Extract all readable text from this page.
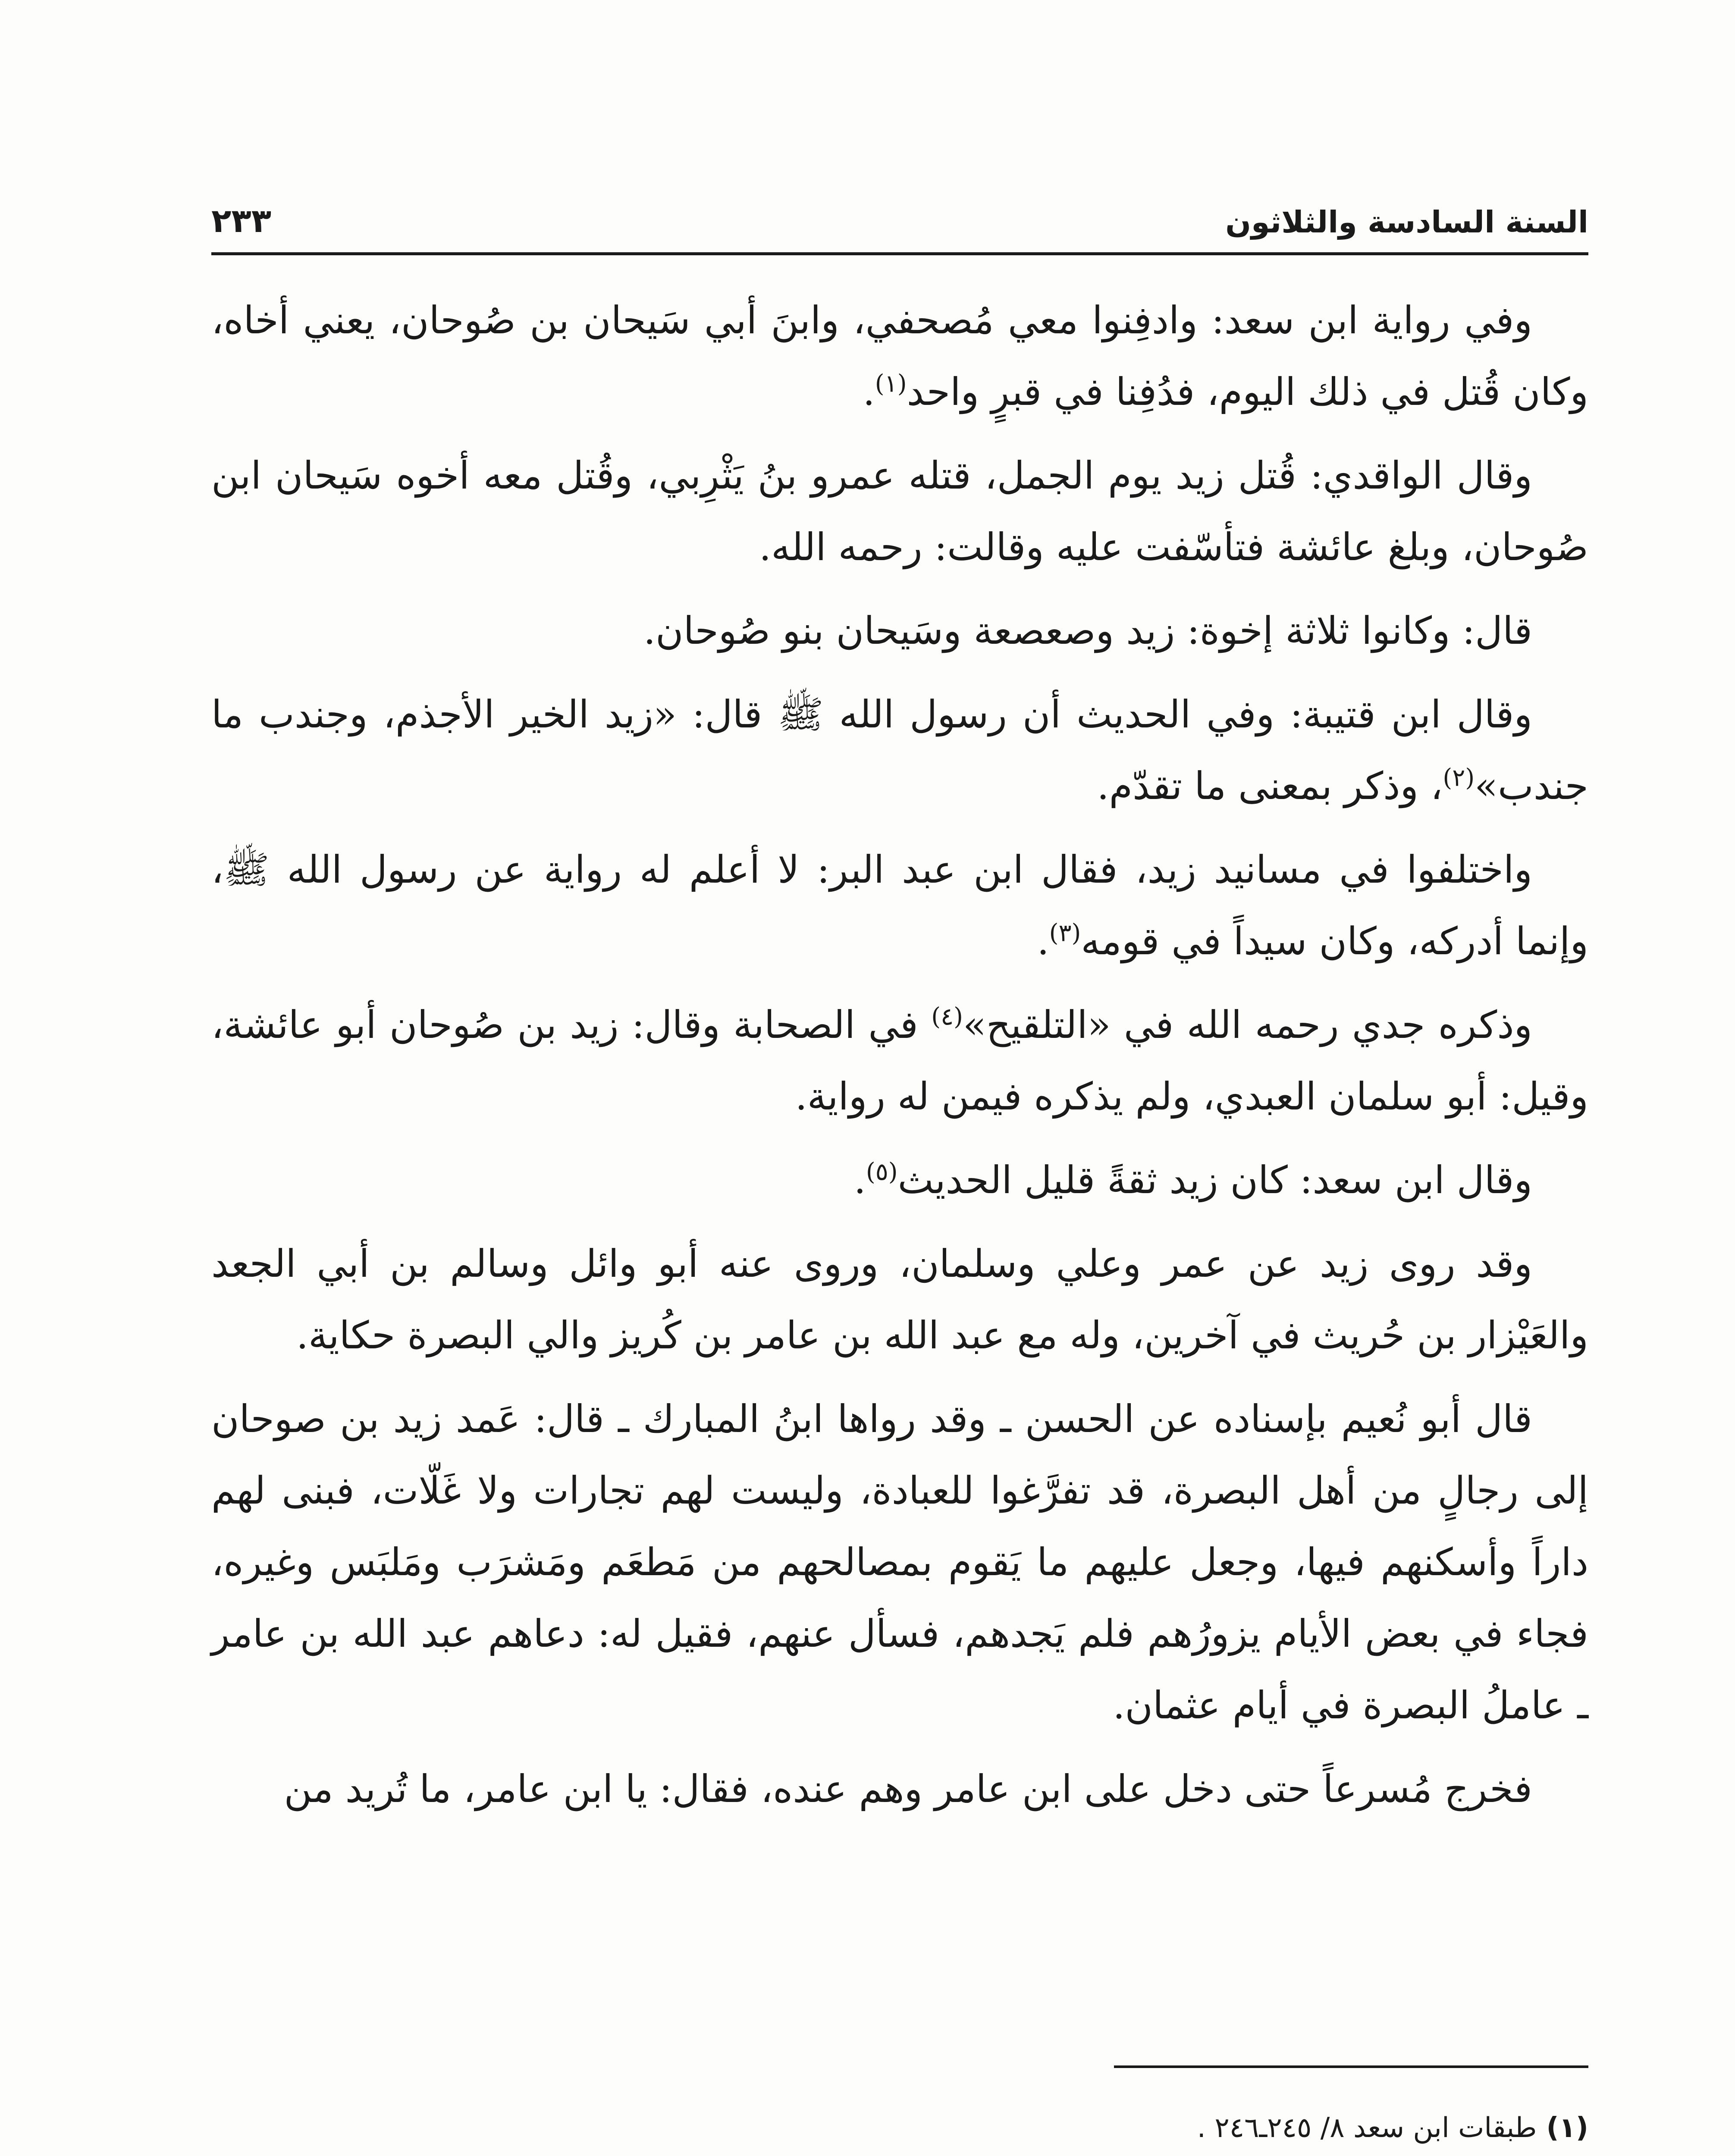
السنة السادسة والثلاثون
٢٣٣

وفي رواية ابن سعد: وادفِنوا معي مُصحفي، وابنَ أبي سَيحان بن صُوحان، يعني أخاه، وكان قُتل في ذلك اليوم، فدُفِنا في قبرٍ واحد$^{(١)}$.

وقال الواقدي: قُتل زيد يوم الجمل، قتله عمرو بنُ يَثْرِبي، وقُتل معه أخوه سَيحان ابن صُوحان، وبلغ عائشة فتأسّفت عليه وقالت: رحمه الله.

قال: وكانوا ثلاثة إخوة: زيد وصعصعة وسَيحان بنو صُوحان.

وقال ابن قتيبة: وفي الحديث أن رسول الله ﷺ قال: «زيد الخير الأجذم، وجندب ما جندب»$^{(٢)}$، وذكر بمعنى ما تقدّم.

واختلفوا في مسانيد زيد، فقال ابن عبد البر: لا أعلم له رواية عن رسول الله ﷺ، وإنما أدركه، وكان سيداً في قومه$^{(٣)}$.

وذكره جدي رحمه الله في «التلقيح»$^{(٤)}$ في الصحابة وقال: زيد بن صُوحان أبو عائشة، وقيل: أبو سلمان العبدي، ولم يذكره فيمن له رواية.

وقال ابن سعد: كان زيد ثقةً قليل الحديث$^{(٥)}$.

وقد روى زيد عن عمر وعلي وسلمان، وروى عنه أبو وائل وسالم بن أبي الجعد والعَيْزار بن حُريث في آخرين، وله مع عبد الله بن عامر بن كُريز والي البصرة حكاية.

قال أبو نُعيم بإسناده عن الحسن ـ وقد رواها ابنُ المبارك ـ قال: عَمد زيد بن صوحان إلى رجالٍ من أهل البصرة، قد تفرَّغوا للعبادة، وليست لهم تجارات ولا غَلّات، فبنى لهم داراً وأسكنهم فيها، وجعل عليهم ما يَقوم بمصالحهم من مَطعَم ومَشرَب ومَلبَس وغيره، فجاء في بعض الأيام يزورُهم فلم يَجدهم، فسأل عنهم، فقيل له: دعاهم عبد الله بن عامر ـ عاملُ البصرة في أيام عثمان.

فخرج مُسرعاً حتى دخل على ابن عامر وهم عنده، فقال: يا ابن عامر، ما تُريد من

(١)
طبقات ابن سعد ٨/ ٢٤٥ـ٢٤٦ .
